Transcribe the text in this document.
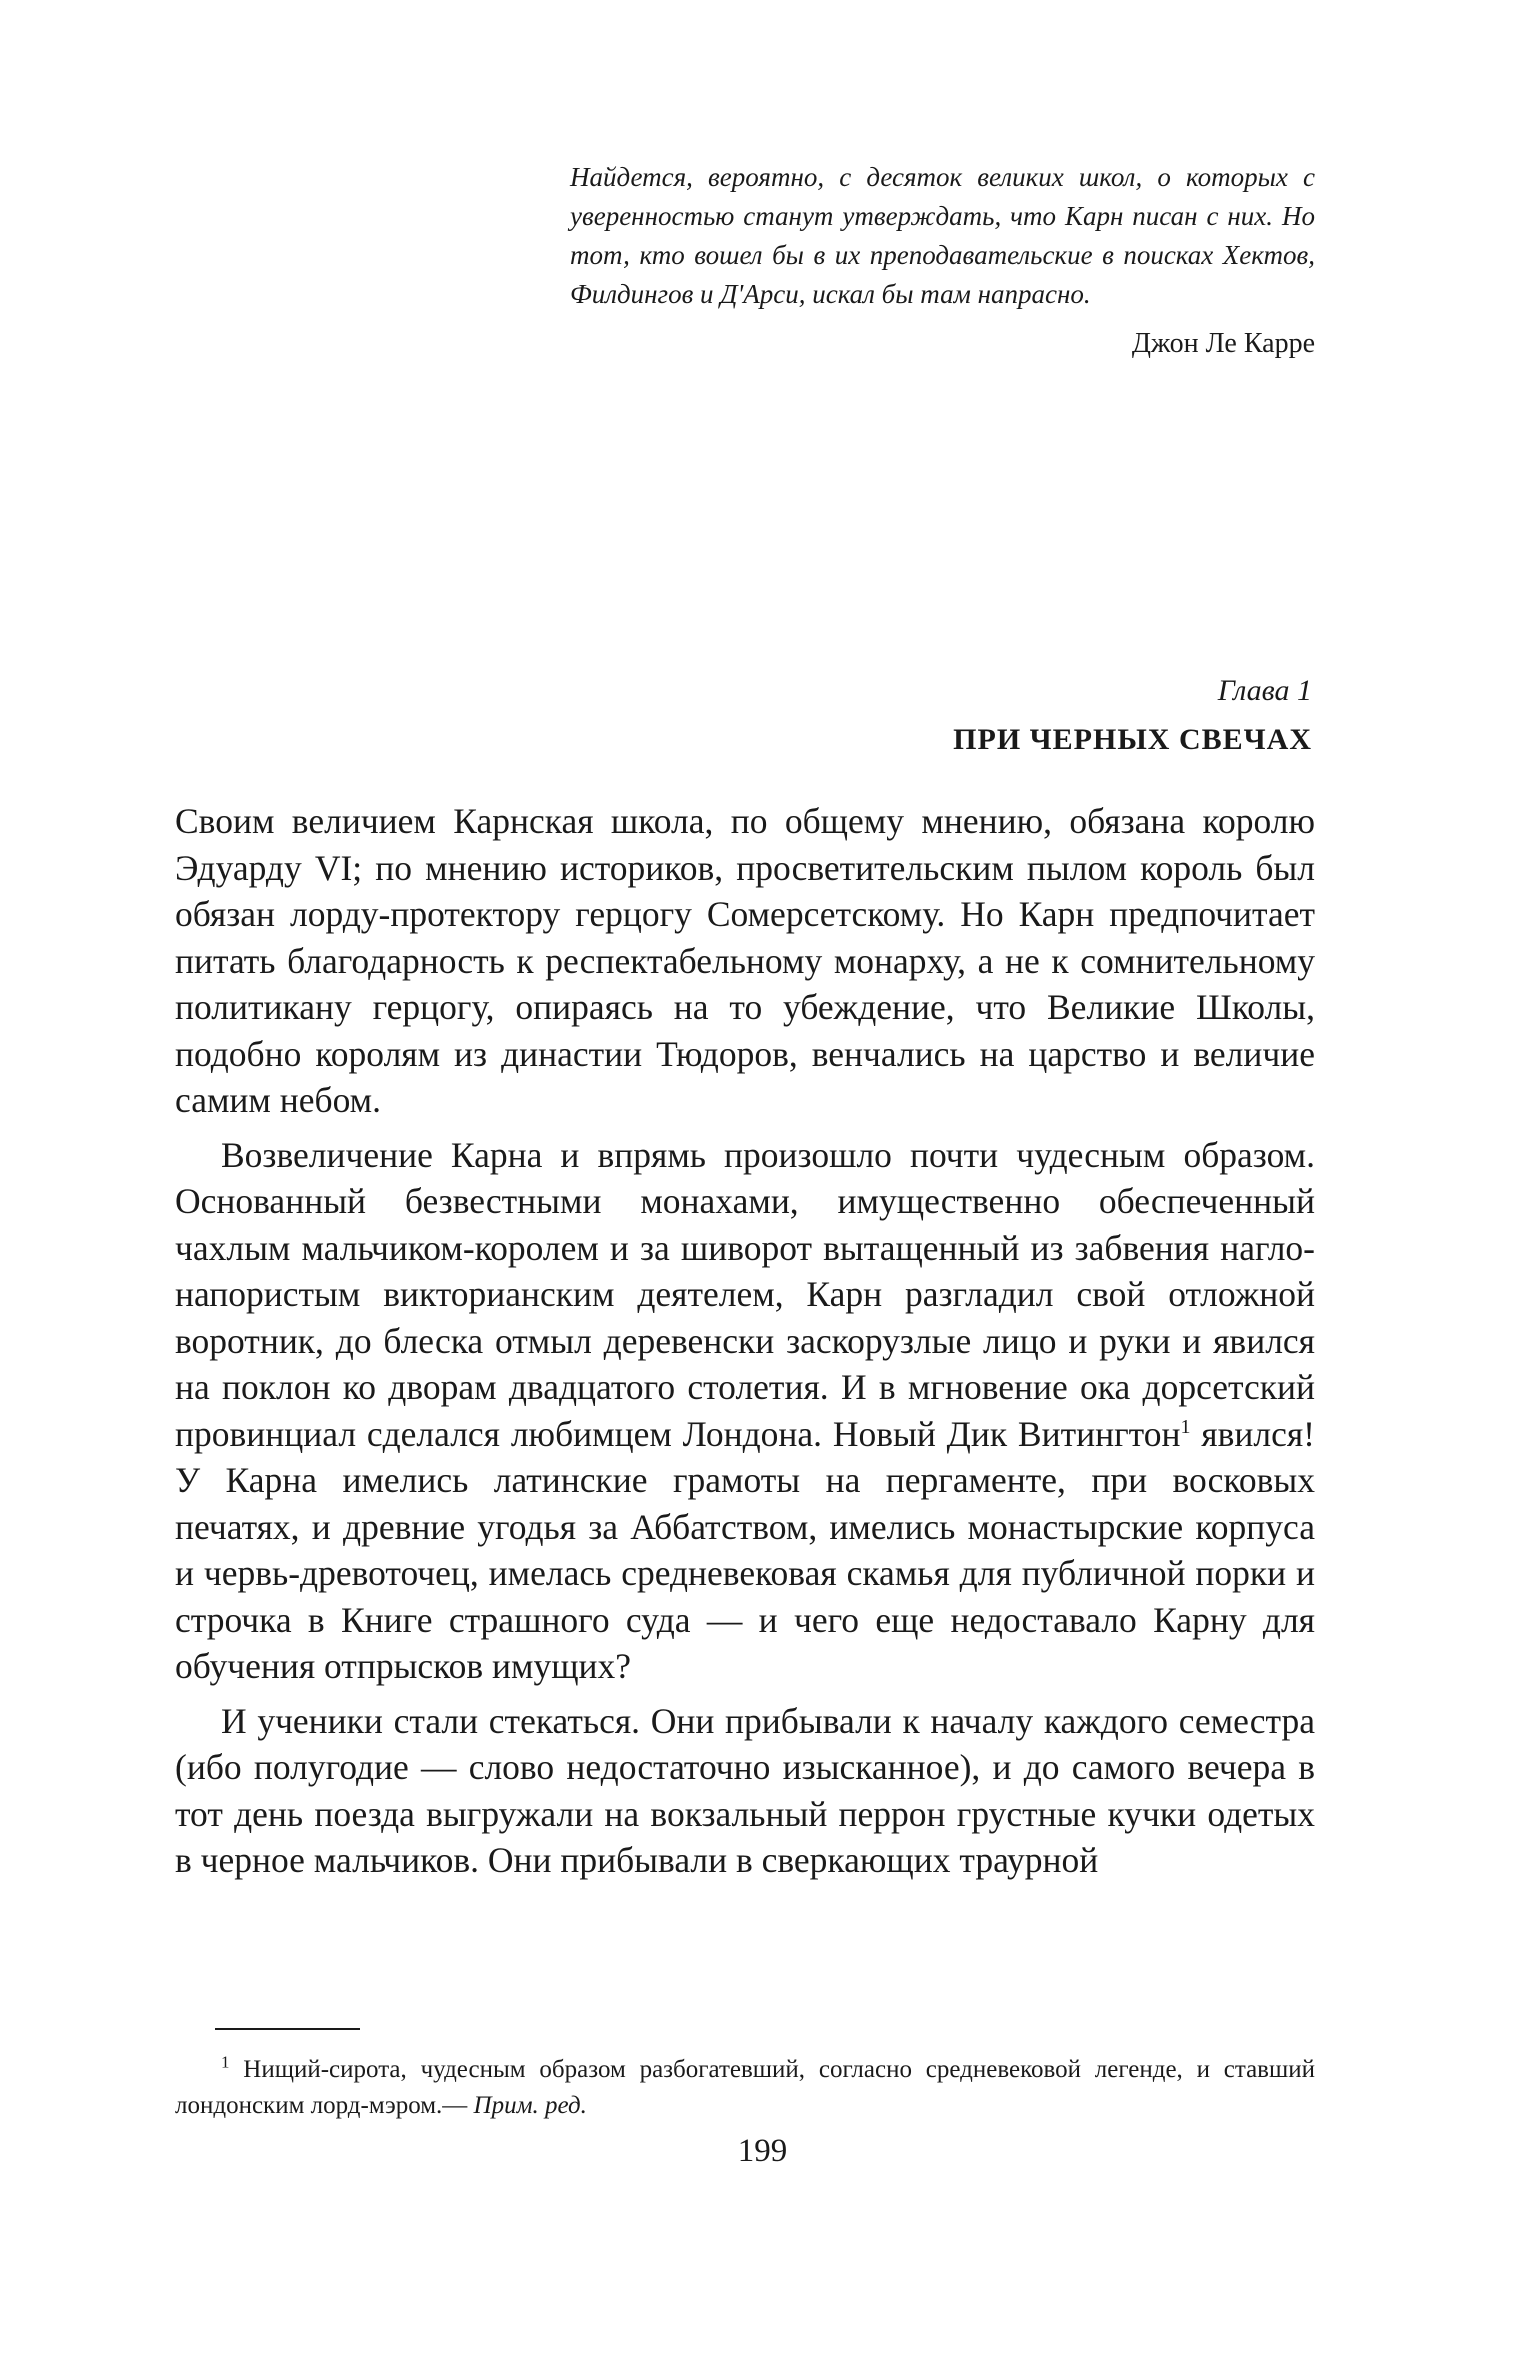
Найдется, вероятно, с десяток великих школ, о которых с уверенностью станут утверждать, что Карн писан с них. Но тот, кто вошел бы в их преподавательские в поисках Хектов, Филдингов и Д'Арси, искал бы там напрасно.

Джон Ле Карре
Глава 1
ПРИ ЧЕРНЫХ СВЕЧАХ

Своим величием Карнская школа, по общему мнению, обязана королю Эдуарду VI; по мнению историков, просветительским пылом король был обязан лорду-протектору герцогу Сомерсетскому. Но Карн предпочитает питать благодарность к респектабельному монарху, а не к сомнительному политикану герцогу, опираясь на то убеждение, что Великие Школы, подобно королям из династии Тюдоров, венчались на царство и величие самим небом.

Возвеличение Карна и впрямь произошло почти чудесным образом. Основанный безвестными монахами, имущественно обеспеченный чахлым мальчиком-королем и за шиворот вытащенный из забвения нагло-напористым викторианским деятелем, Карн разгладил свой отложной воротник, до блеска отмыл деревенски заскорузлые лицо и руки и явился на поклон ко дворам двадцатого столетия. И в мгновение ока дорсетский провинциал сделался любимцем Лондона. Новый Дик Витингтон$^1$ явился! У Карна имелись латинские грамоты на пергаменте, при восковых печатях, и древние угодья за Аббатством, имелись монастырские корпуса и червь-древоточец, имелась средневековая скамья для публичной порки и строчка в Книге страшного суда — и чего еще недоставало Карну для обучения отпрысков имущих?

И ученики стали стекаться. Они прибывали к началу каждого семестра (ибо полугодие — слово недостаточно изысканное), и до самого вечера в тот день поезда выгружали на вокзальный перрон грустные кучки одетых в черное мальчиков. Они прибывали в сверкающих траурной

$^1$ Нищий-сирота, чудесным образом разбогатевший, согласно средневековой легенде, и ставший лондонским лорд-мэром.— Прим. ред.

199
